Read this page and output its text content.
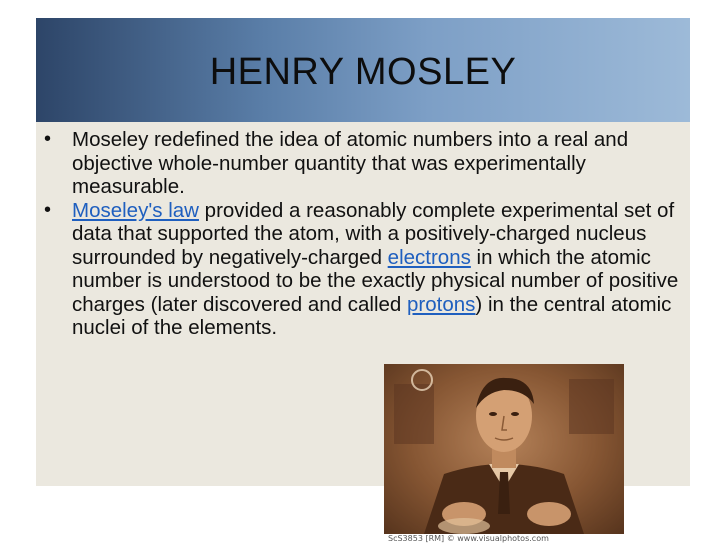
HENRY MOSLEY
• Moseley redefined the idea of atomic numbers into a real and objective whole-number quantity that was experimentally measurable.
• Moseley's law provided a reasonably complete experimental set of data that supported the atom, with a positively-charged nucleus surrounded by negatively-charged electrons in which the atomic number is understood to be the exactly physical number of positive charges (later discovered and called protons) in the central atomic nuclei of the elements.
ScS3853 [RM] © www.visualphotos.com
